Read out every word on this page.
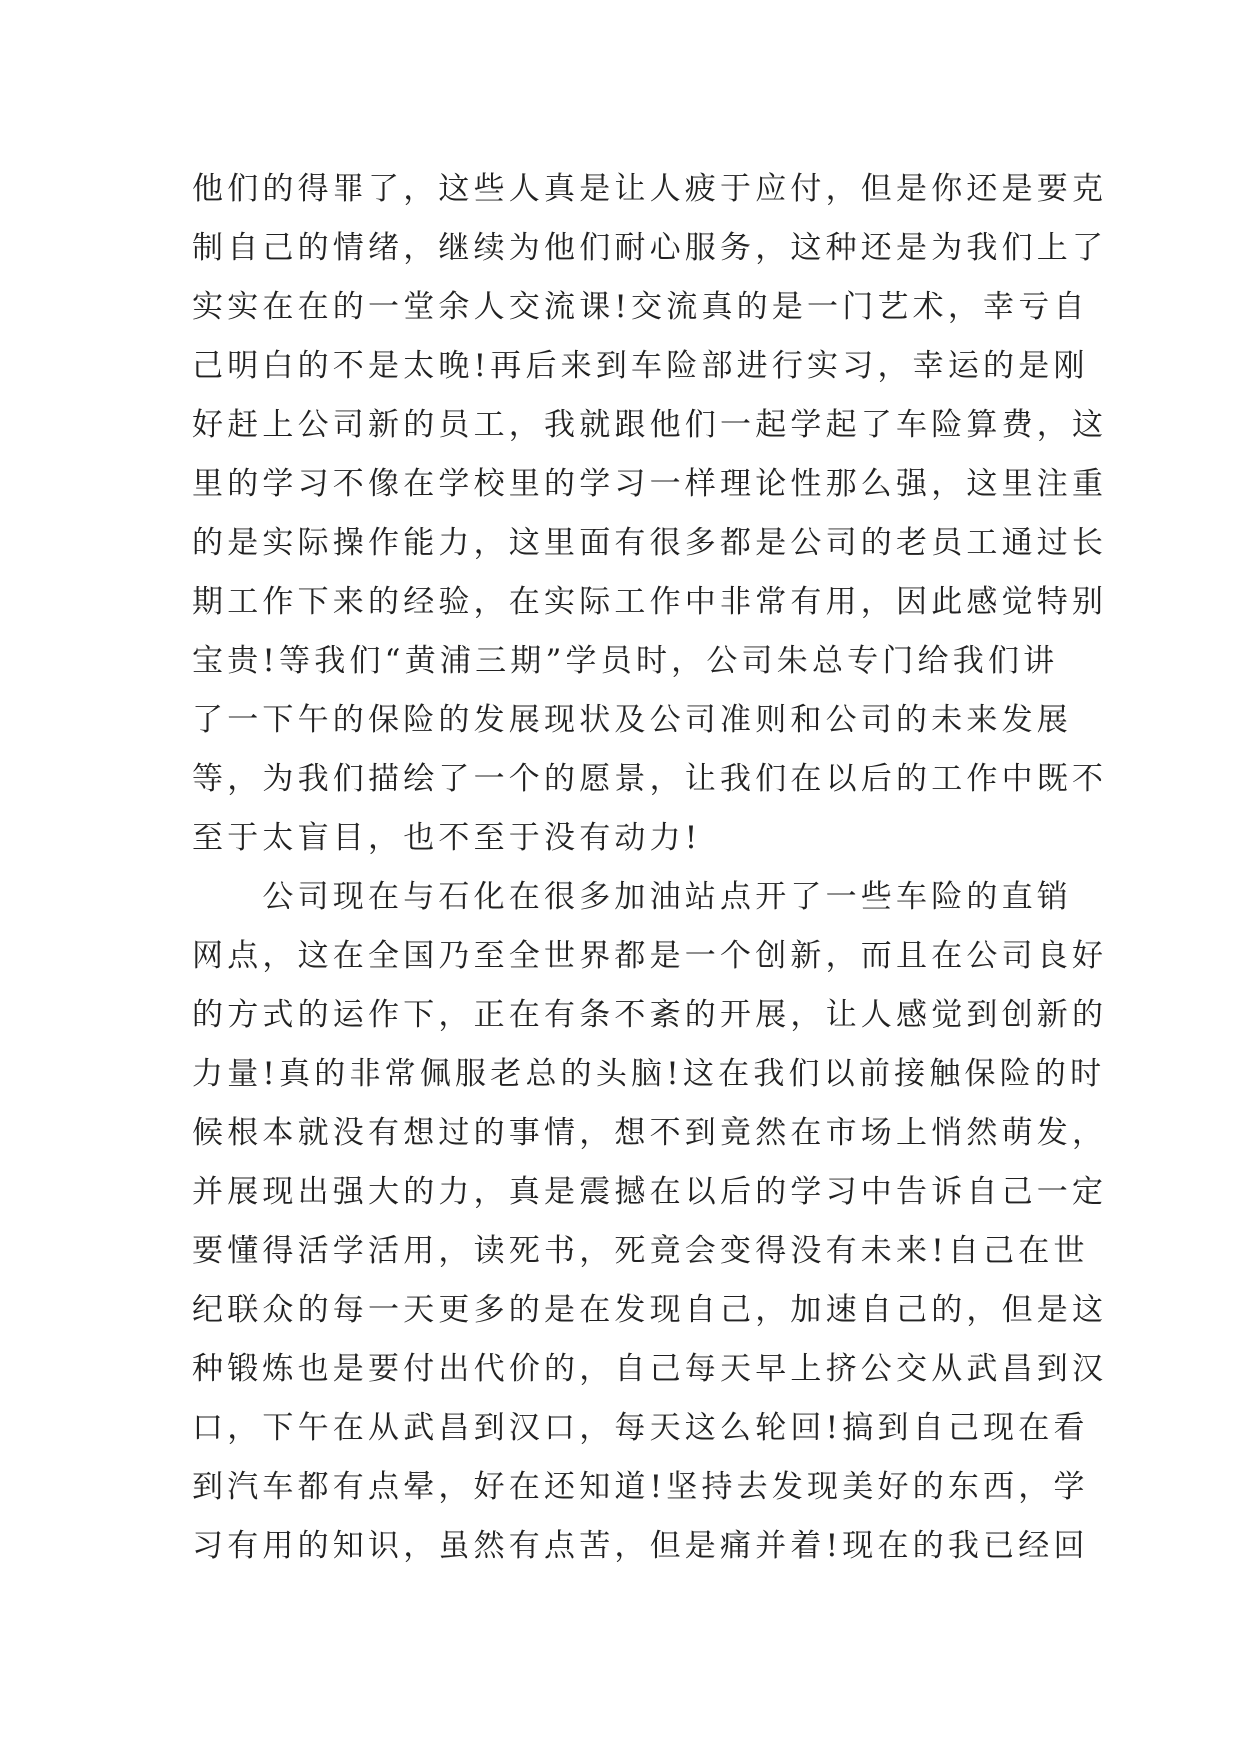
他们的得罪了，这些人真是让人疲于应付，但是你还是要克
制自己的情绪，继续为他们耐心服务，这种还是为我们上了
实实在在的一堂余人交流课!交流真的是一门艺术，幸亏自
己明白的不是太晚!再后来到车险部进行实习，幸运的是刚
好赶上公司新的员工，我就跟他们一起学起了车险算费，这
里的学习不像在学校里的学习一样理论性那么强，这里注重
的是实际操作能力，这里面有很多都是公司的老员工通过长
期工作下来的经验，在实际工作中非常有用，因此感觉特别
宝贵!等我们“黄浦三期”学员时，公司朱总专门给我们讲
了一下午的保险的发展现状及公司准则和公司的未来发展
等，为我们描绘了一个的愿景，让我们在以后的工作中既不
至于太盲目，也不至于没有动力!
　　公司现在与石化在很多加油站点开了一些车险的直销
网点，这在全国乃至全世界都是一个创新，而且在公司良好
的方式的运作下，正在有条不紊的开展，让人感觉到创新的
力量!真的非常佩服老总的头脑!这在我们以前接触保险的时
候根本就没有想过的事情，想不到竟然在市场上悄然萌发，
并展现出强大的力，真是震撼在以后的学习中告诉自己一定
要懂得活学活用，读死书，死竟会变得没有未来!自己在世
纪联众的每一天更多的是在发现自己，加速自己的，但是这
种锻炼也是要付出代价的，自己每天早上挤公交从武昌到汉
口，下午在从武昌到汉口，每天这么轮回!搞到自己现在看
到汽车都有点晕，好在还知道!坚持去发现美好的东西，学
习有用的知识，虽然有点苦，但是痛并着!现在的我已经回
